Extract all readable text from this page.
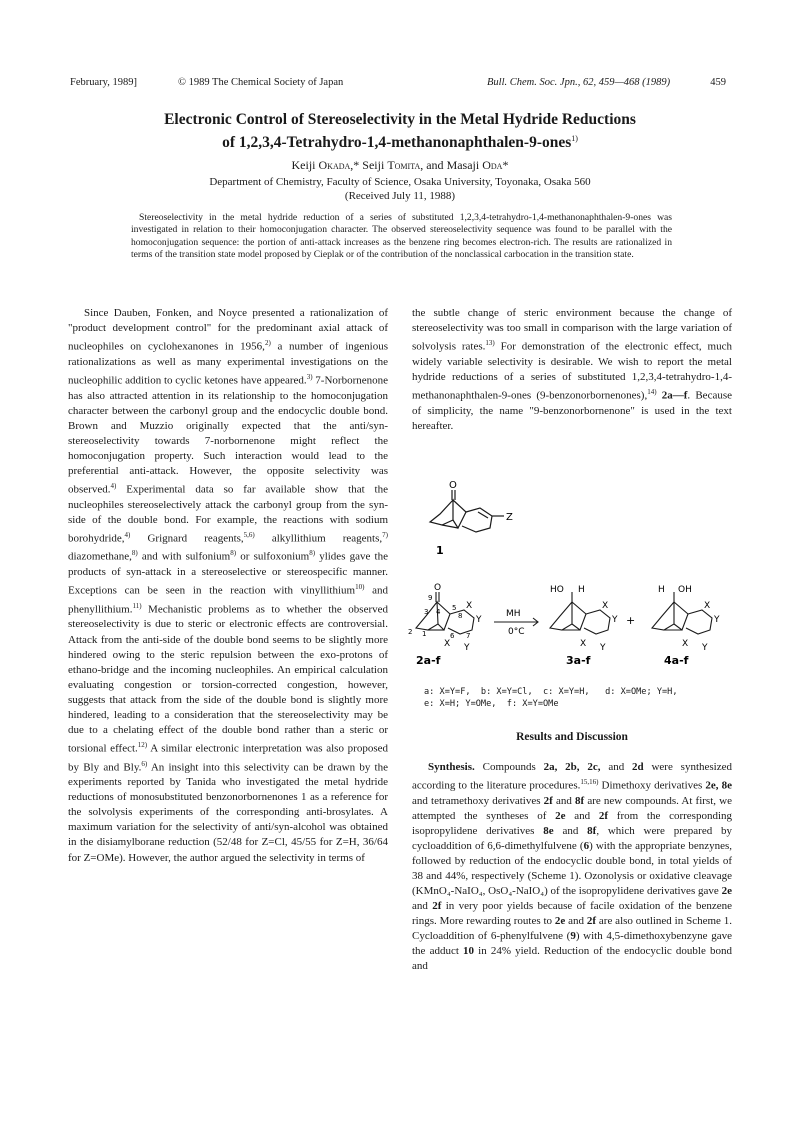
February, 1989]	© 1989 The Chemical Society of Japan	Bull. Chem. Soc. Jpn., 62, 459—468 (1989)	459
Electronic Control of Stereoselectivity in the Metal Hydride Reductions
of 1,2,3,4-Tetrahydro-1,4-methanonaphthalen-9-ones$^{1)}$
Keiji Okada,* Seiji Tomita, and Masaji Oda*
Department of Chemistry, Faculty of Science, Osaka University, Toyonaka, Osaka 560
(Received July 11, 1988)

Stereoselectivity in the metal hydride reduction of a series of substituted 1,2,3,4-tetrahydro-1,4-methanonaphthalen-9-ones was investigated in relation to their homoconjugation character. The observed stereoselectivity sequence was found to be parallel with the homoconjugation sequence: the portion of anti-attack increases as the benzene ring becomes electron-rich. The results are rationalized in terms of the transition state model proposed by Cieplak or of the contribution of the nonclassical carbocation in the transition state.

Since Dauben, Fonken, and Noyce presented a rationalization of "product development control" for the predominant axial attack of nucleophiles on cyclohexanones in 1956,$^{2)}$ a number of ingenious rationalizations as well as many experimental investigations on the nucleophilic addition to cyclic ketones have appeared.$^{3)}$ 7-Norbornenone has also attracted attention in its relationship to the homoconjugation character between the carbonyl group and the endocyclic double bond. Brown and Muzzio originally expected that the anti/syn-stereoselectivity towards 7-norbornenone might reflect the homoconjugation property. Such interaction would lead to the preferential anti-attack. However, the opposite selectivity was observed.$^{4)}$ Experimental data so far available show that the nucleophiles stereoselectively attack the carbonyl group from the syn-side of the double bond. For example, the reactions with sodium borohydride,$^{4)}$ Grignard reagents,$^{5,6)}$ alkyllithium reagents,$^{7)}$ diazomethane,$^{8)}$ and with sulfonium$^{8)}$ or sulfoxonium$^{8)}$ ylides gave the products of syn-attack in a stereoselective or stereospecific manner. Exceptions can be seen in the reaction with vinyllithium$^{10)}$ and phenyllithium.$^{11)}$ Mechanistic problems as to whether the observed stereoselectivity is due to steric or electronic effects are controversial. Attack from the anti-side of the double bond seems to be slightly more hindered owing to the steric repulsion between the exo-protons of ethano-bridge and the incoming nucleophiles. An empirical calculation evaluating congestion or torsion-corrected congestion, however, suggests that attack from the side of the double bond is slightly more hindered, leading to a consideration that the stereoselectivity may be due to a chelating effect of the double bond rather than a steric or torsional effect.$^{12)}$ A similar electronic interpretation was also proposed by Bly and Bly.$^{6)}$ An insight into this selectivity can be drawn by the experiments reported by Tanida who investigated the metal hydride reductions of monosubstituted benzonorbornenones 1 as a reference for the solvolysis experiments of the corresponding anti-brosylates. A maximum variation for the selectivity of anti/syn-alcohol was obtained in the disiamylborane reduction (52/48 for Z=Cl, 45/55 for Z=H, 36/64 for Z=OMe). However, the author argued the selectivity in terms of

the subtle change of steric environment because the change of stereoselectivity was too small in comparison with the large variation of solvolysis rates.$^{13)}$ For demonstration of the electronic effect, much widely variable selectivity is desirable. We wish to report the metal hydride reductions of a series of substituted 1,2,3,4-tetrahydro-1,4-methanonaphthalen-9-ones (9-benzonorbornenones),$^{14)}$ 2a—f. Because of simplicity, the name "9-benzonorbornenone" is used in the text hereafter.

O
Z
1
O
9
3 4 5
8
2 1	6 7
X
Y
X Y
2a-f
MH
0°C
HO H
X
Y
X Y
3a-f
+
H OH
X
Y
X Y
4a-f
a: X=Y=F,  b: X=Y=Cl,  c: X=Y=H,   d: X=OMe; Y=H,
e: X=H; Y=OMe,  f: X=Y=OMe
Results and Discussion

Synthesis. Compounds 2a, 2b, 2c, and 2d were synthesized according to the literature procedures.$^{15,16)}$ Dimethoxy derivatives 2e, 8e and tetramethoxy derivatives 2f and 8f are new compounds. At first, we attempted the syntheses of 2e and 2f from the corresponding isopropylidene derivatives 8e and 8f, which were prepared by cycloaddition of 6,6-dimethylfulvene (6) with the appropriate benzynes, followed by reduction of the endocyclic double bond, in total yields of 38 and 44%, respectively (Scheme 1). Ozonolysis or oxidative cleavage (KMnO₄-NaIO₄, OsO₄-NaIO₄) of the isopropylidene derivatives gave 2e and 2f in very poor yields because of facile oxidation of the benzene rings. More rewarding routes to 2e and 2f are also outlined in Scheme 1. Cycloaddition of 6-phenylfulvene (9) with 4,5-dimethoxybenzyne gave the adduct 10 in 24% yield. Reduction of the endocyclic double bond and
